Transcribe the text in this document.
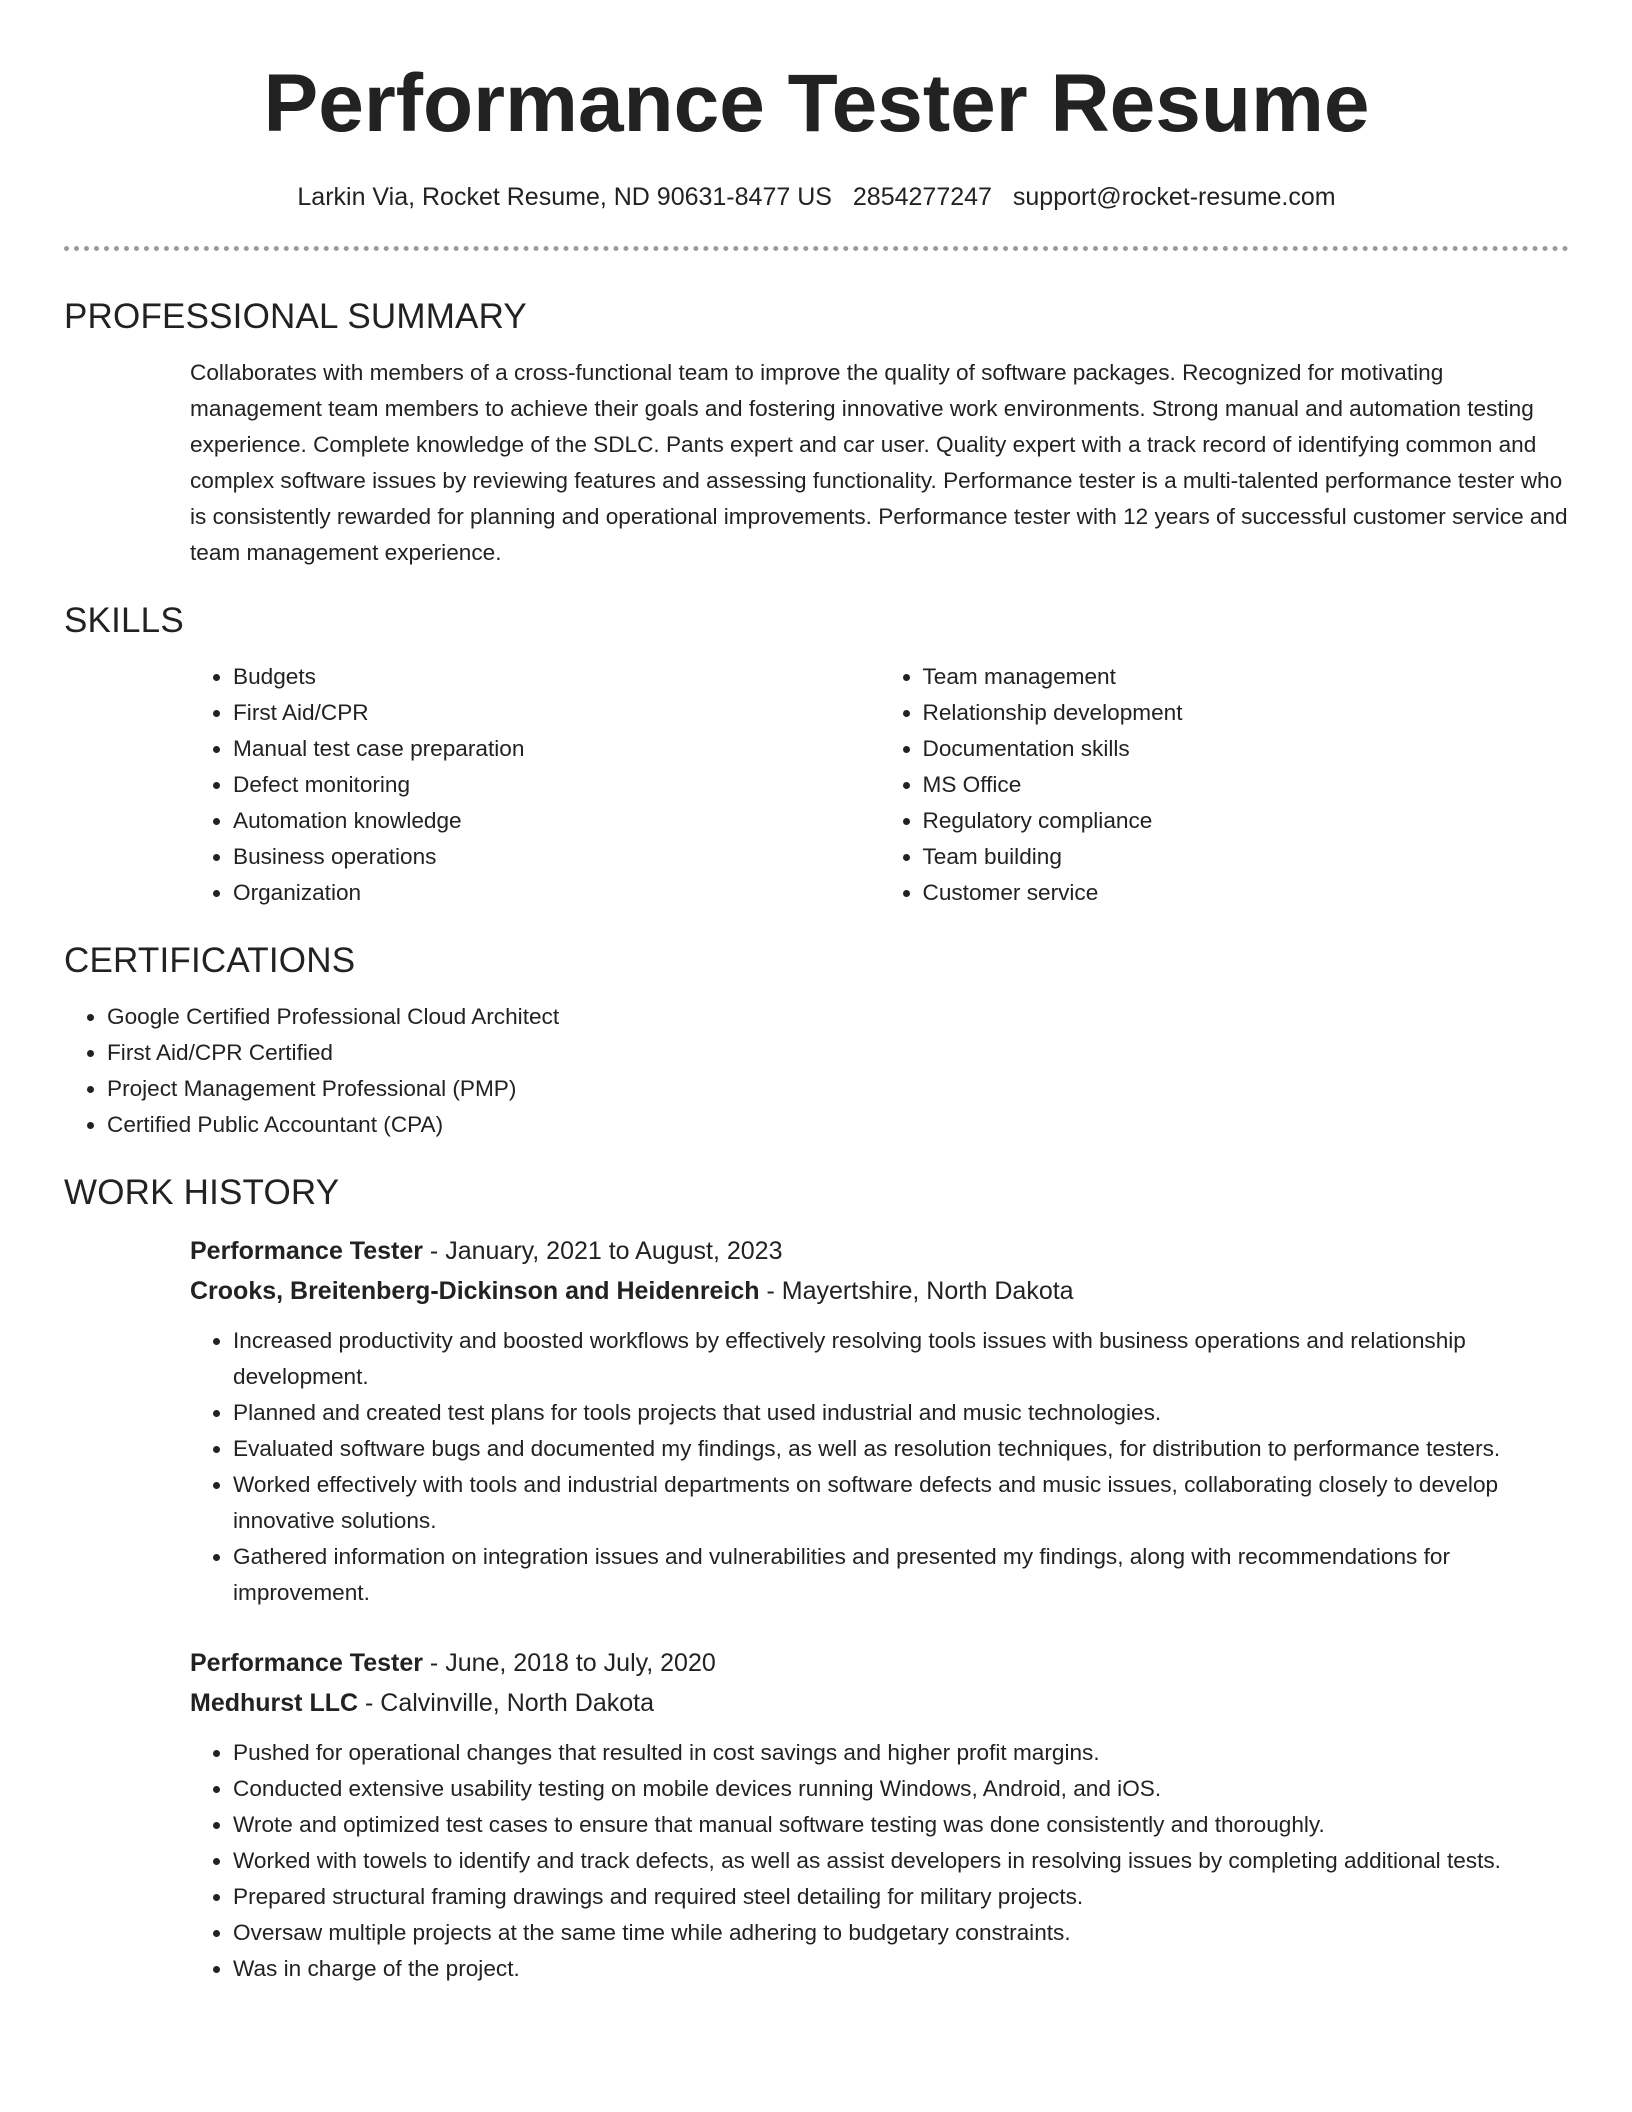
Performance Tester Resume
Larkin Via, Rocket Resume, ND 90631-8477 US 2854277247 support@rocket-resume.com
PROFESSIONAL SUMMARY
Collaborates with members of a cross-functional team to improve the quality of software packages. Recognized for motivating management team members to achieve their goals and fostering innovative work environments. Strong manual and automation testing experience. Complete knowledge of the SDLC. Pants expert and car user. Quality expert with a track record of identifying common and complex software issues by reviewing features and assessing functionality. Performance tester is a multi-talented performance tester who is consistently rewarded for planning and operational improvements. Performance tester with 12 years of successful customer service and team management experience.
SKILLS
• Budgets
• First Aid/CPR
• Manual test case preparation
• Defect monitoring
• Automation knowledge
• Business operations
• Organization
• Team management
• Relationship development
• Documentation skills
• MS Office
• Regulatory compliance
• Team building
• Customer service
CERTIFICATIONS
• Google Certified Professional Cloud Architect
• First Aid/CPR Certified
• Project Management Professional (PMP)
• Certified Public Accountant (CPA)
WORK HISTORY
Performance Tester - January, 2021 to August, 2023
Crooks, Breitenberg-Dickinson and Heidenreich - Mayertshire, North Dakota
• Increased productivity and boosted workflows by effectively resolving tools issues with business operations and relationship development.
• Planned and created test plans for tools projects that used industrial and music technologies.
• Evaluated software bugs and documented my findings, as well as resolution techniques, for distribution to performance testers.
• Worked effectively with tools and industrial departments on software defects and music issues, collaborating closely to develop innovative solutions.
• Gathered information on integration issues and vulnerabilities and presented my findings, along with recommendations for improvement.
Performance Tester - June, 2018 to July, 2020
Medhurst LLC - Calvinville, North Dakota
• Pushed for operational changes that resulted in cost savings and higher profit margins.
• Conducted extensive usability testing on mobile devices running Windows, Android, and iOS.
• Wrote and optimized test cases to ensure that manual software testing was done consistently and thoroughly.
• Worked with towels to identify and track defects, as well as assist developers in resolving issues by completing additional tests.
• Prepared structural framing drawings and required steel detailing for military projects.
• Oversaw multiple projects at the same time while adhering to budgetary constraints.
• Was in charge of the project.
